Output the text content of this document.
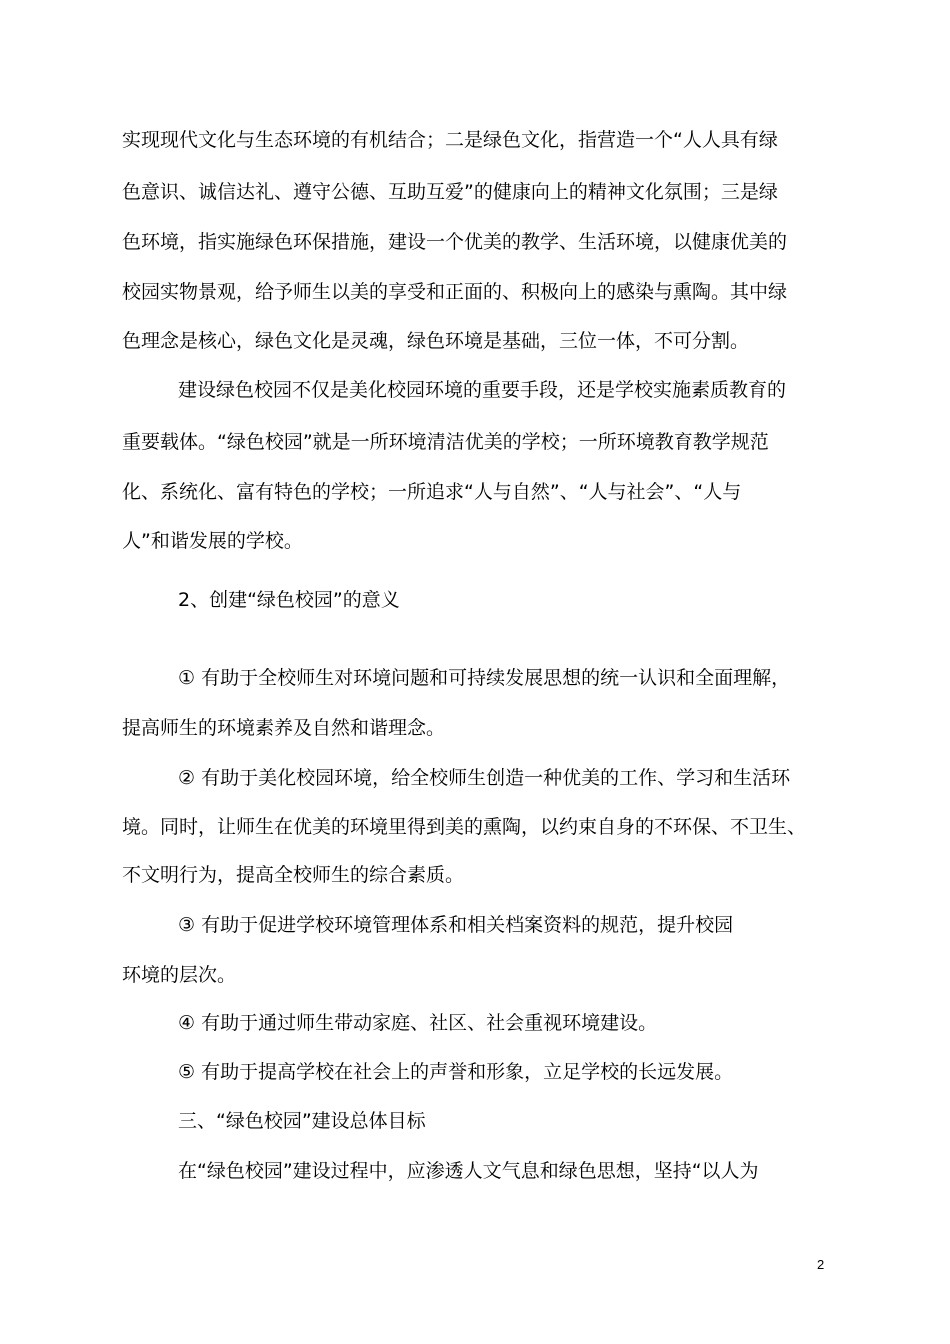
实现现代文化与生态环境的有机结合；二是绿色文化，指营造一个“人人具有绿
色意识、诚信达礼、遵守公德、互助互爱”的健康向上的精神文化氛围；三是绿
色环境，指实施绿色环保措施，建设一个优美的教学、生活环境，以健康优美的
校园实物景观，给予师生以美的享受和正面的、积极向上的感染与熏陶。其中绿
色理念是核心，绿色文化是灵魂，绿色环境是基础，三位一体，不可分割。
建设绿色校园不仅是美化校园环境的重要手段，还是学校实施素质教育的
重要载体。“绿色校园”就是一所环境清洁优美的学校；一所环境教育教学规范
化、系统化、富有特色的学校；一所追求“人与自然”、“人与社会”、“人与
人”和谐发展的学校。
2、创建“绿色校园”的意义
① 有助于全校师生对环境问题和可持续发展思想的统一认识和全面理解，
提高师生的环境素养及自然和谐理念。
② 有助于美化校园环境，给全校师生创造一种优美的工作、学习和生活环
境。同时，让师生在优美的环境里得到美的熏陶，以约束自身的不环保、不卫生、
不文明行为，提高全校师生的综合素质。
③ 有助于促进学校环境管理体系和相关档案资料的规范，提升校园
环境的层次。
④ 有助于通过师生带动家庭、社区、社会重视环境建设。
⑤ 有助于提高学校在社会上的声誉和形象，立足学校的长远发展。
三、“绿色校园”建设总体目标
在“绿色校园”建设过程中，应渗透人文气息和绿色思想，坚持“以人为
2
